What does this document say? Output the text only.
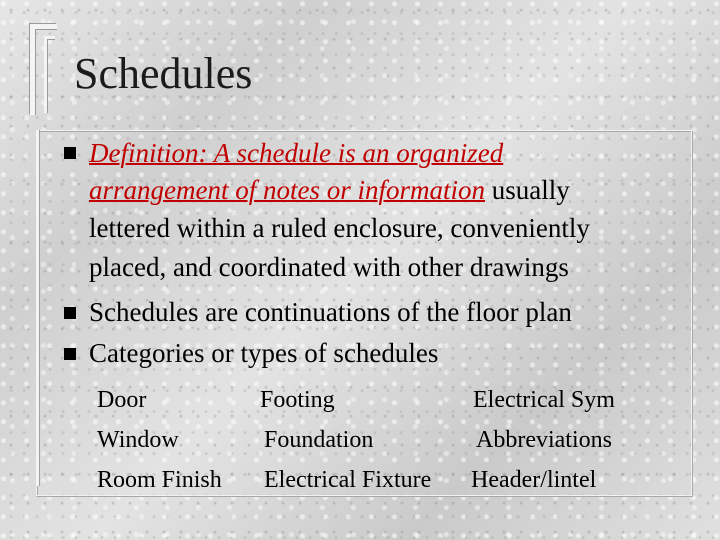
Schedules
Definition: A schedule is an organized
arrangement of notes or information usually
lettered within a ruled enclosure, conveniently
placed, and coordinated with other drawings
Schedules are continuations of the floor plan
Categories or types of schedules
Door
Window
Room Finish
Footing
Foundation
Electrical Fixture
Electrical Sym
Abbreviations
Header/lintel
